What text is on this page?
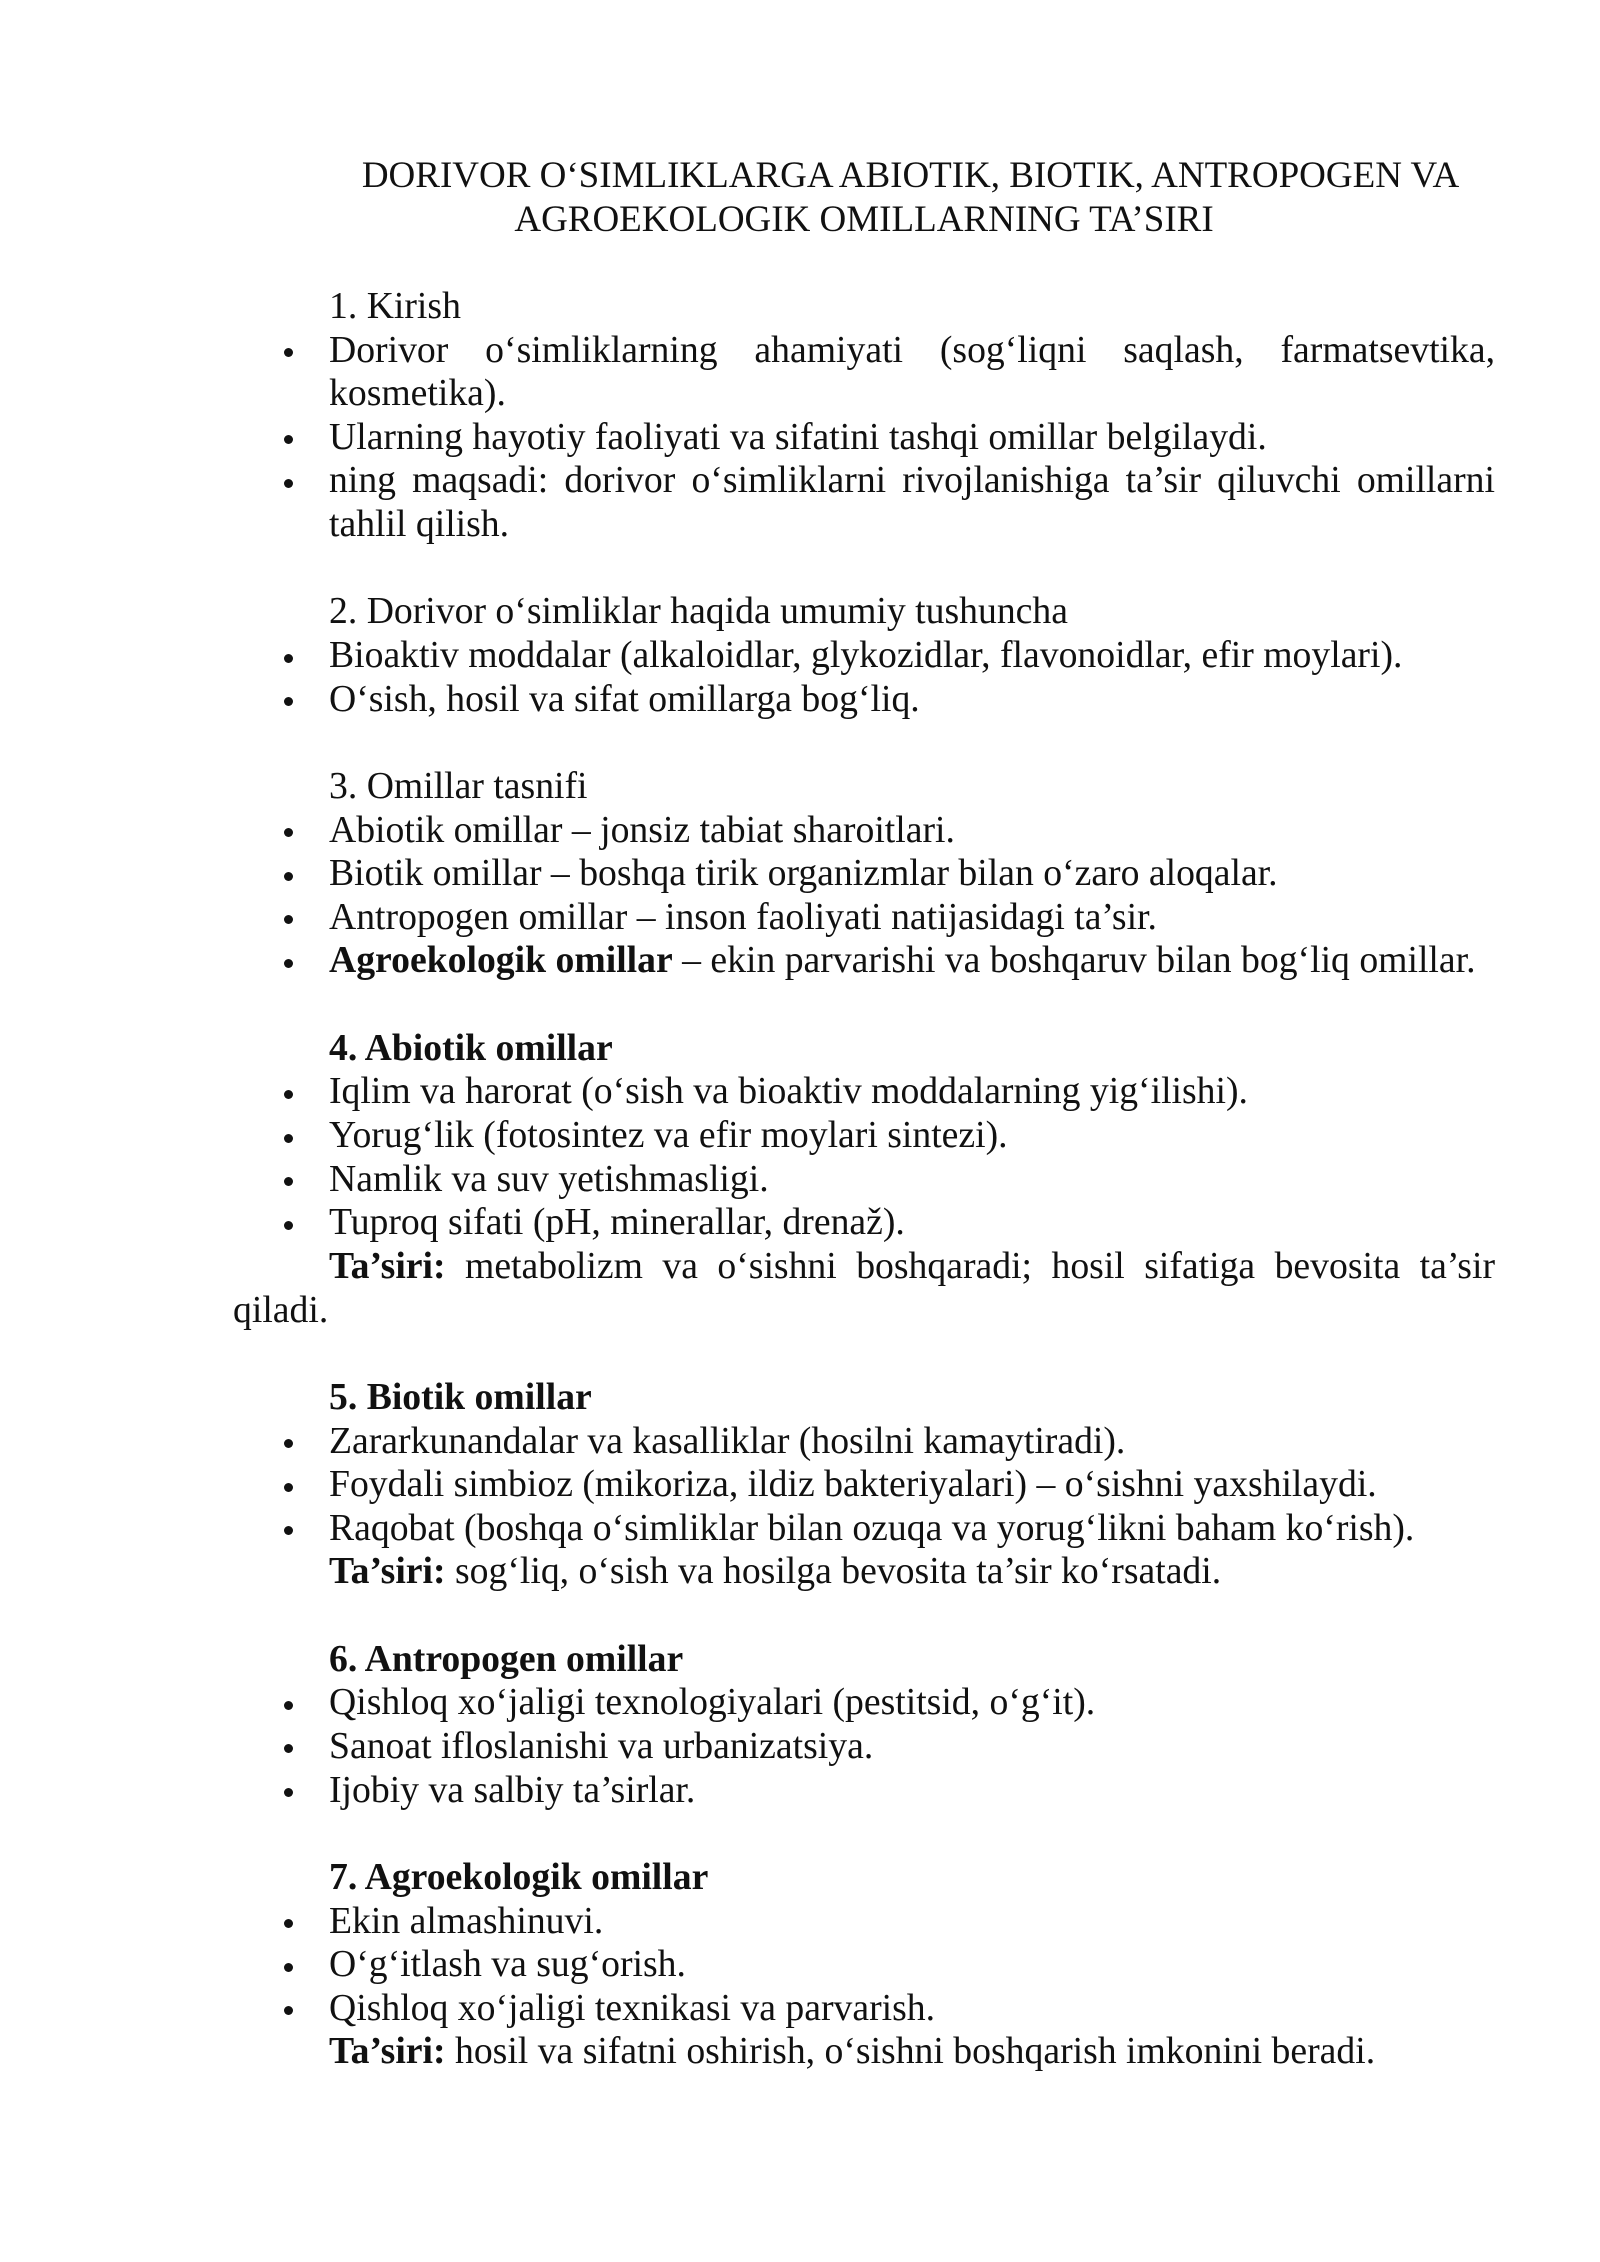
DORIVOR O‘SIMLIKLARGA ABIOTIK, BIOTIK, ANTROPOGEN VA
AGROEKOLOGIK OMILLARNING TA’SIRI
1. Kirish
Dorivor o‘simliklarning ahamiyati (sog‘liqni saqlash, farmatsevtika, kosmetika).
Ularning hayotiy faoliyati va sifatini tashqi omillar belgilaydi.
ning maqsadi: dorivor o‘simliklarni rivojlanishiga ta’sir qiluvchi omillarni tahlil qilish.
2. Dorivor o‘simliklar haqida umumiy tushuncha
Bioaktiv moddalar (alkaloidlar, glykozidlar, flavonoidlar, efir moylari).
O‘sish, hosil va sifat omillarga bog‘liq.
3. Omillar tasnifi
Abiotik omillar – jonsiz tabiat sharoitlari.
Biotik omillar – boshqa tirik organizmlar bilan o‘zaro aloqalar.
Antropogen omillar – inson faoliyati natijasidagi ta’sir.
Agroekologik omillar – ekin parvarishi va boshqaruv bilan bog‘liq omillar.
4. Abiotik omillar
Iqlim va harorat (o‘sish va bioaktiv moddalarning yig‘ilishi).
Yorug‘lik (fotosintez va efir moylari sintezi).
Namlik va suv yetishmasligi.
Tuproq sifati (pH, minerallar, drenaž).
Ta’siri: metabolizm va o‘sishni boshqaradi; hosil sifatiga bevosita ta’sir qiladi.
5. Biotik omillar
Zararkunandalar va kasalliklar (hosilni kamaytiradi).
Foydali simbioz (mikoriza, ildiz bakteriyalari) – o‘sishni yaxshilaydi.
Raqobat (boshqa o‘simliklar bilan ozuqa va yorug‘likni baham ko‘rish).
Ta’siri: sog‘liq, o‘sish va hosilga bevosita ta’sir ko‘rsatadi.
6. Antropogen omillar
Qishloq xo‘jaligi texnologiyalari (pestitsid, o‘g‘it).
Sanoat ifloslanishi va urbanizatsiya.
Ijobiy va salbiy ta’sirlar.
7. Agroekologik omillar
Ekin almashinuvi.
O‘g‘itlash va sug‘orish.
Qishloq xo‘jaligi texnikasi va parvarish.
Ta’siri: hosil va sifatni oshirish, o‘sishni boshqarish imkonini beradi.
